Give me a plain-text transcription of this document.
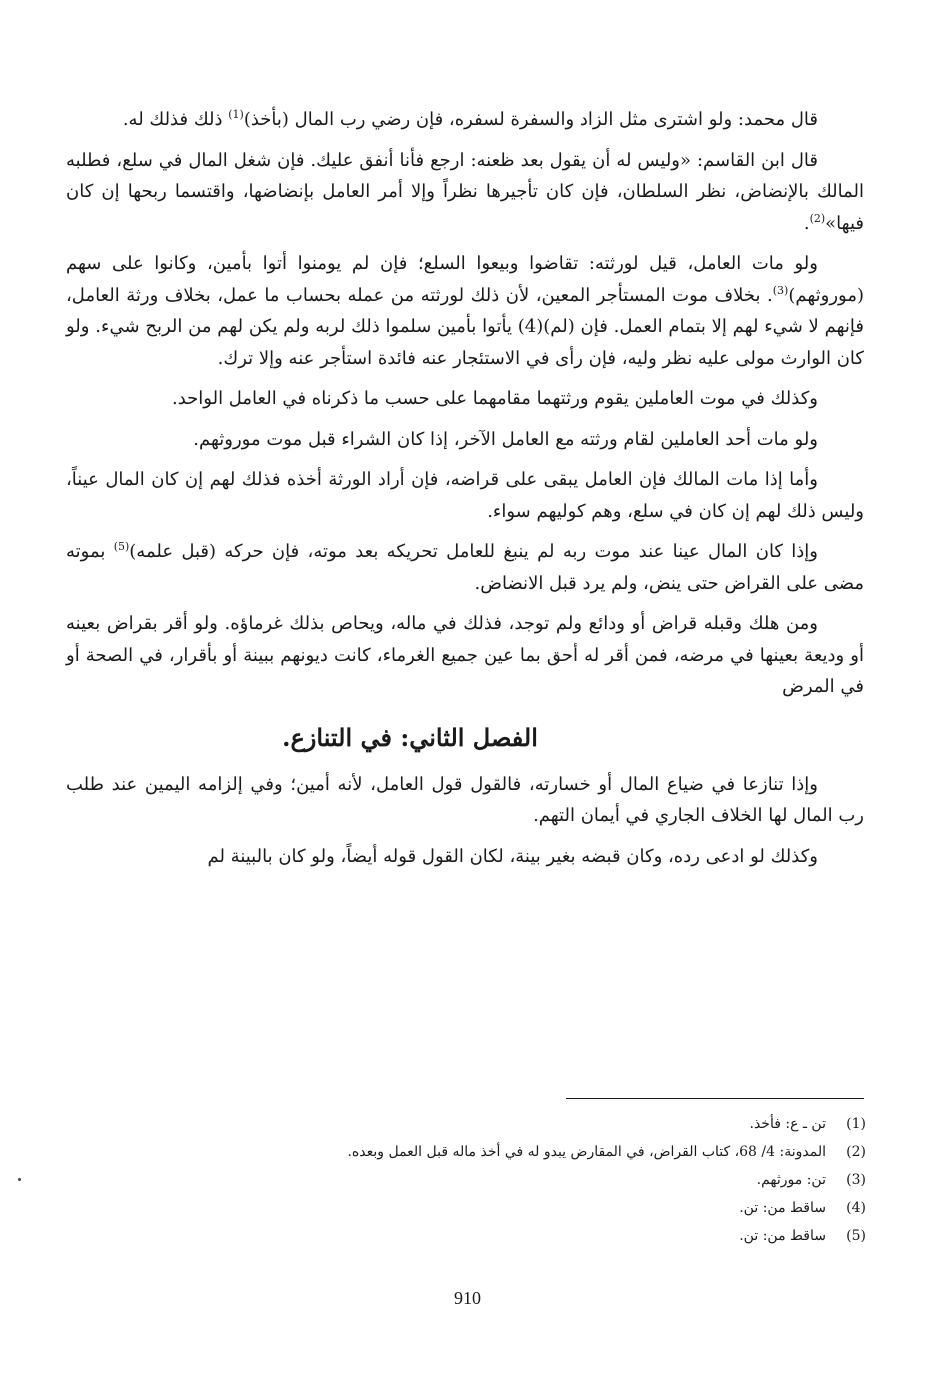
قال محمد: ولو اشترى مثل الزاد والسفرة لسفره، فإن رضي رب المال (بأخذ)$^{(1)}$ ذلك فذلك له.

قال ابن القاسم: «وليس له أن يقول بعد ظعنه: ارجع فأنا أنفق عليك. فإن شغل المال في سلع، فطلبه المالك بالإنضاض، نظر السلطان، فإن كان تأجيرها نظراً وإلا أمر العامل بإنضاضها، واقتسما ربحها إن كان فيها»$^{(2)}$.

ولو مات العامل، قيل لورثته: تقاضوا وبيعوا السلع؛ فإن لم يومنوا أتوا بأمين، وكانوا على سهم (موروثهم)$^{(3)}$. بخلاف موت المستأجر المعين، لأن ذلك لورثته من عمله بحساب ما عمل، بخلاف ورثة العامل، فإنهم لا شيء لهم إلا بتمام العمل. فإن (لم)(4) يأتوا بأمين سلموا ذلك لربه ولم يكن لهم من الربح شيء. ولو كان الوارث مولى عليه نظر وليه، فإن رأى في الاستئجار عنه فائدة استأجر عنه وإلا ترك.

وكذلك في موت العاملين يقوم ورثتهما مقامهما على حسب ما ذكرناه في العامل الواحد.

ولو مات أحد العاملين لقام ورثته مع العامل الآخر، إذا كان الشراء قبل موت موروثهم.

وأما إذا مات المالك فإن العامل يبقى على قراضه، فإن أراد الورثة أخذه فذلك لهم إن كان المال عيناً، وليس ذلك لهم إن كان في سلع، وهم كوليهم سواء.

وإذا كان المال عينا عند موت ربه لم ينبغ للعامل تحريكه بعد موته، فإن حركه (قبل علمه)$^{(5)}$ بموته مضى على القراض حتى ينض، ولم يرد قبل الانضاض.

ومن هلك وقبله قراض أو ودائع ولم توجد، فذلك في ماله، ويحاص بذلك غرماؤه. ولو أقر بقراض بعينه أو وديعة بعينها في مرضه، فمن أقر له أحق بما عين جميع الغرماء، كانت ديونهم ببينة أو بأقرار، في الصحة أو في المرض

الفصل الثاني: في التنازع.

وإذا تنازعا في ضياع المال أو خسارته، فالقول قول العامل، لأنه أمين؛ وفي إلزامه اليمين عند طلب رب المال لها الخلاف الجاري في أيمان التهم.

وكذلك لو ادعى رده، وكان قبضه بغير بينة، لكان القول قوله أيضاً، ولو كان بالبينة لم

(1)
تن ـ ع: فأخذ.
(2)
المدونة: 4/ 68، كتاب القراض، في المقارض يبدو له في أخذ ماله قبل العمل وبعده.
(3)
تن: مورثهم.
(4)
ساقط من: تن.
(5)
ساقط من: تن.
910
